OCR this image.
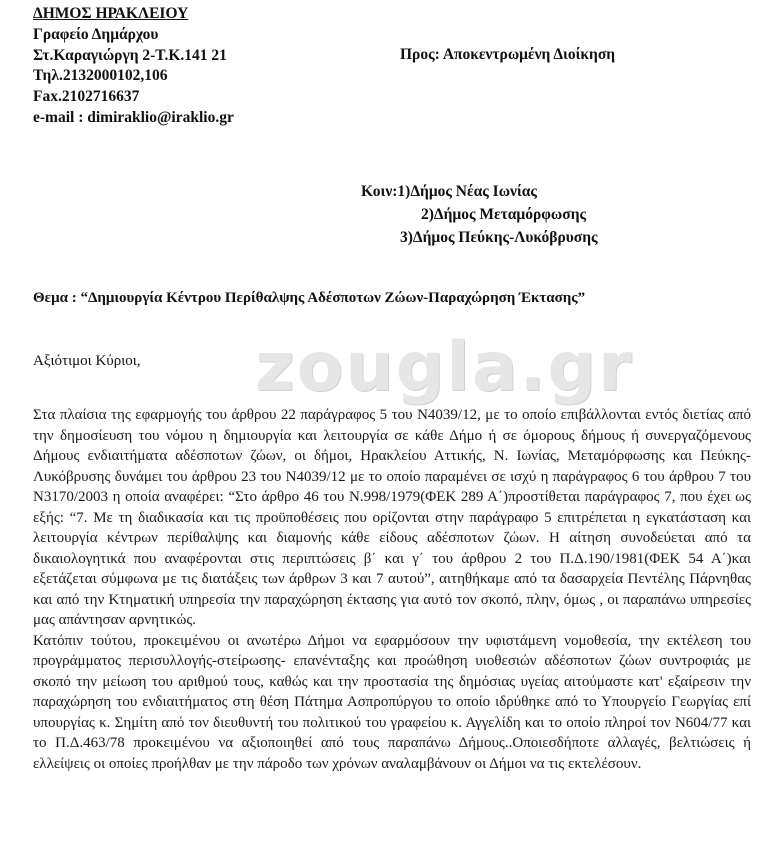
ΔΗΜΟΣ ΗΡΑΚΛΕΙΟΥ
Γραφείο Δημάρχου
Στ.Καραγιώργη 2-Τ.Κ.141 21
Τηλ.2132000102,106
Fax.2102716637
e-mail : dimiraklio@iraklio.gr
Προς: Αποκεντρωμένη Διοίκηση
Κοιν:1)Δήμος Νέας Ιωνίας
2)Δήμος Μεταμόρφωσης
3)Δήμος Πεύκης-Λυκόβρυσης
Θεμα : “Δημιουργία Κέντρου Περίθαλψης Αδέσποτων Ζώων-Παραχώρηση Έκτασης”
zougla.gr
Αξιότιμοι Κύριοι,

Στα πλαίσια της εφαρμογής του άρθρου 22 παράγραφος 5 του Ν4039/12, με το οποίο επιβάλλονται εντός διετίας από την δημοσίευση του νόμου η δημιουργία και λειτουργία σε κάθε Δήμο ή σε όμορους δήμους ή συνεργαζόμενους Δήμους ενδιαιτήματα αδέσποτων ζώων, οι δήμοι, Ηρακλείου Αττικής, Ν. Ιωνίας, Μεταμόρφωσης και Πεύκης- Λυκόβρυσης δυνάμει του άρθρου 23 του Ν4039/12 με το οποίο παραμένει σε ισχύ η παράγραφος 6 του άρθρου 7 του Ν3170/2003 η οποία αναφέρει: “Στο άρθρο 46 του Ν.998/1979(ΦΕΚ 289 Α΄)προστίθεται παράγραφος 7, που έχει ως εξής: “7. Με τη διαδικασία και τις προϋποθέσεις που ορίζονται στην παράγραφο 5 επιτρέπεται η εγκατάσταση και λειτουργία κέντρων περίθαλψης και διαμονής κάθε είδους αδέσποτων ζώων. Η αίτηση συνοδεύεται από τα δικαιολογητικά που αναφέρονται στις περιπτώσεις β΄ και γ΄ του άρθρου 2 του Π.Δ.190/1981(ΦΕΚ 54 Α΄)και εξετάζεται σύμφωνα με τις διατάξεις των άρθρων 3 και 7 αυτού”, αιτηθήκαμε από τα δασαρχεία Πεντέλης Πάρνηθας και από την Κτηματική υπηρεσία την παραχώρηση έκτασης για αυτό τον σκοπό, πλην, όμως , οι παραπάνω υπηρεσίες μας απάντησαν αρνητικώς.

Κατόπιν τούτου, προκειμένου οι ανωτέρω Δήμοι να εφαρμόσουν την υφιστάμενη νομοθεσία, την εκτέλεση του προγράμματος περισυλλογής-στείρωσης- επανένταξης και προώθηση υιοθεσιών αδέσποτων ζώων συντροφιάς με σκοπό την μείωση του αριθμού τους, καθώς και την προστασία της δημόσιας υγείας αιτούμαστε κατ' εξαίρεσιν την παραχώρηση του ενδιαιτήματος στη θέση Πάτημα Ασπροπύργου το οποίο ιδρύθηκε από το Υπουργείο Γεωργίας επί υπουργίας κ. Σημίτη από τον διευθυντή του πολιτικού του γραφείου κ. Αγγελίδη και το οποίο πληροί τον Ν604/77 και το Π.Δ.463/78 προκειμένου να αξιοποιηθεί από τους παραπάνω Δήμους..Οποιεσδήποτε αλλαγές, βελτιώσεις ή ελλείψεις οι οποίες προήλθαν με την πάροδο των χρόνων αναλαμβάνουν οι Δήμοι να τις εκτελέσουν.
